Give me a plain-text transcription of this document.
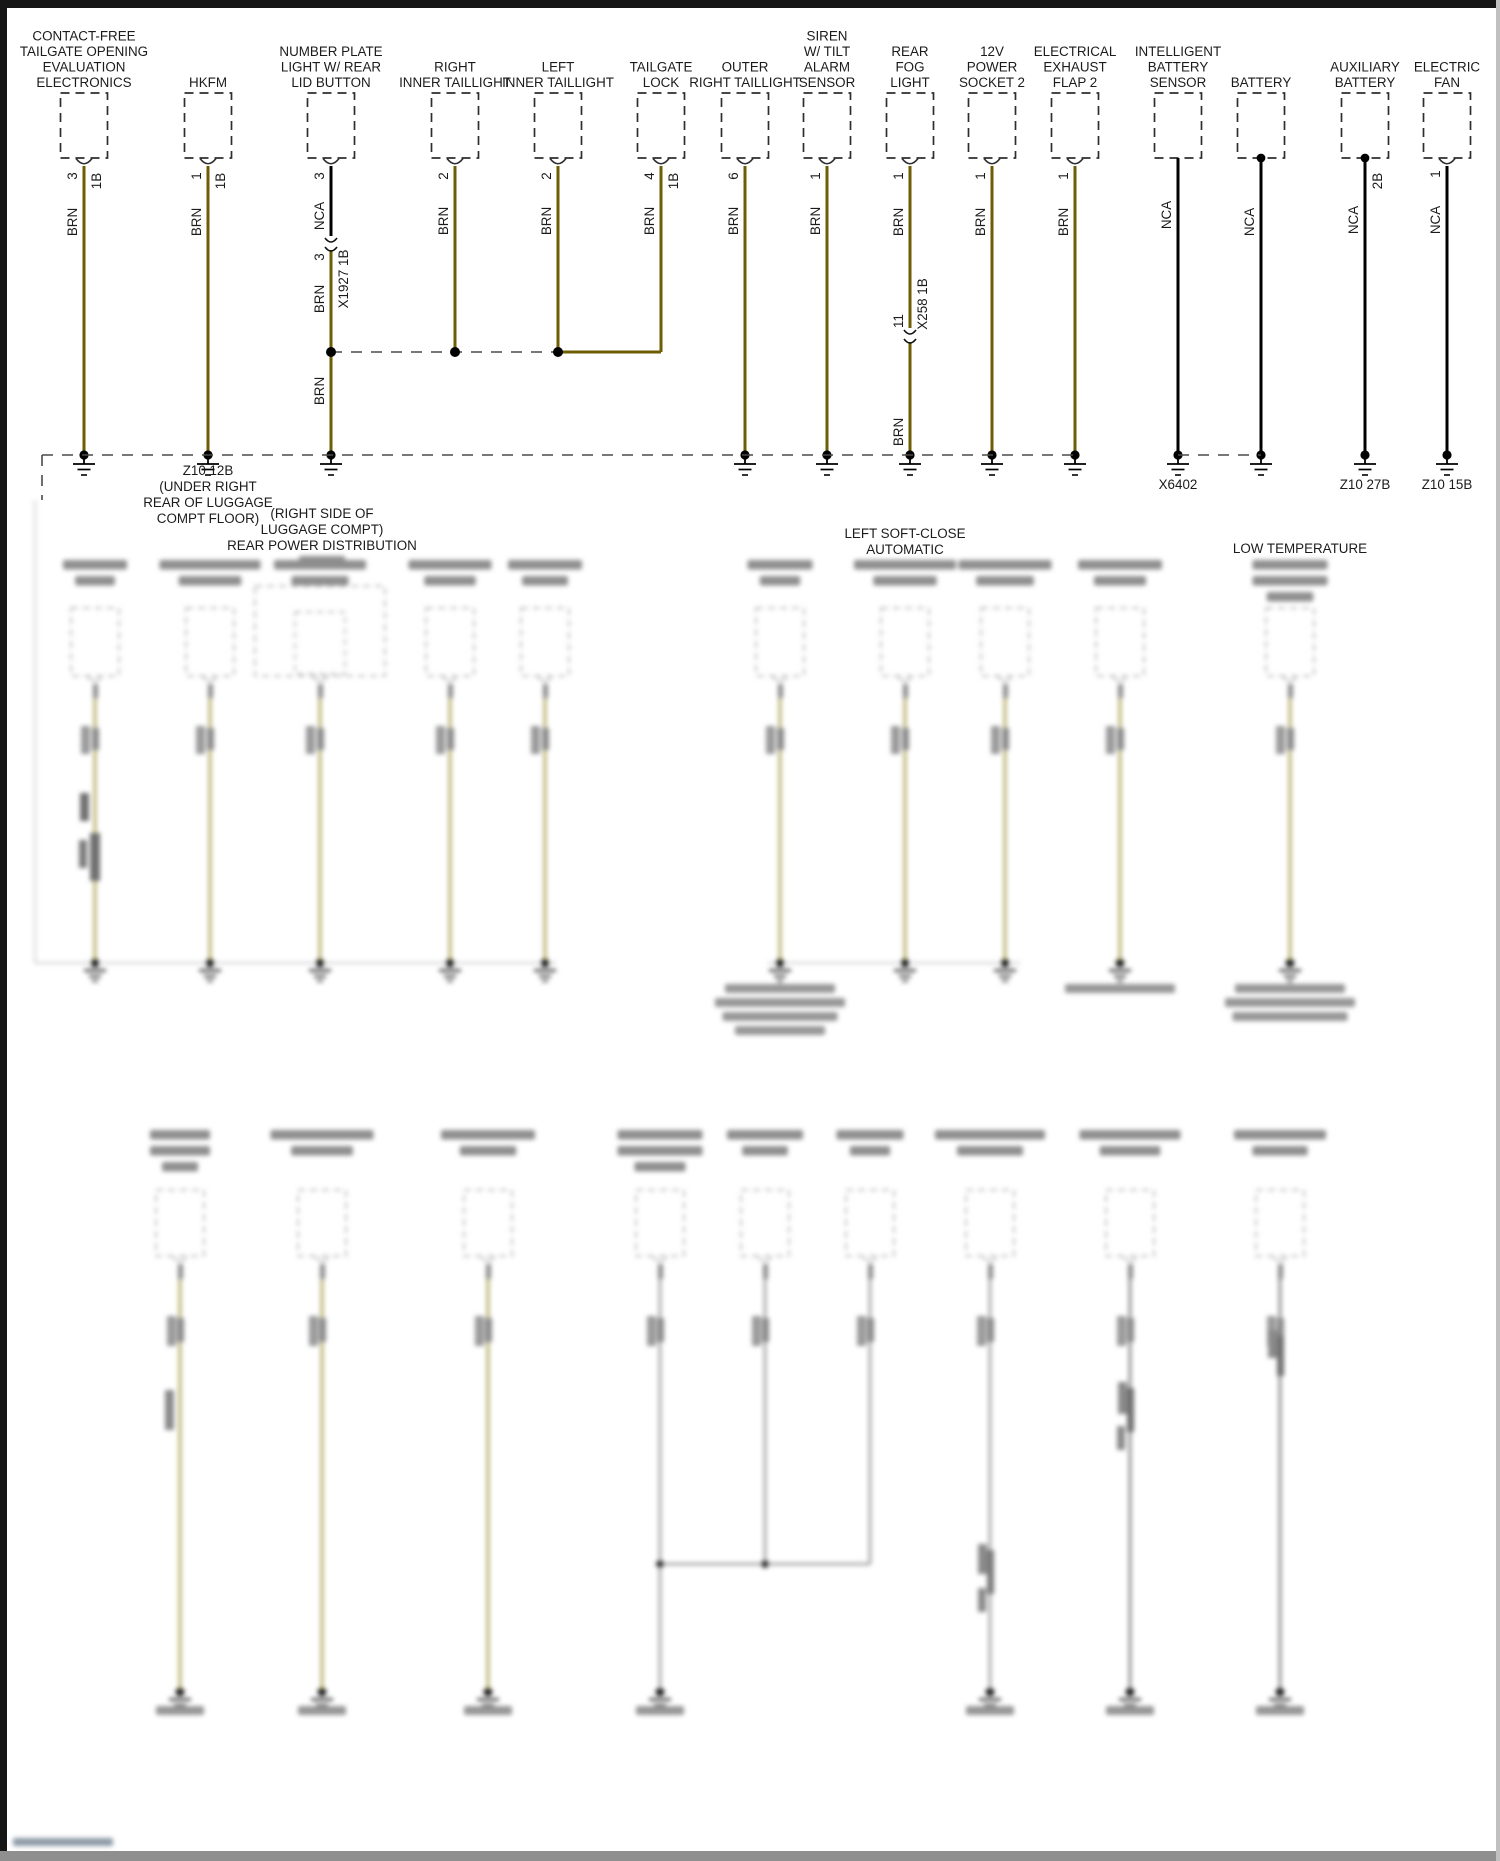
CONTACT-FREE
TAILGATE OPENING
EVALUATION
ELECTRONICS
3 1B
BRN
HKFM
1 1B
BRN
NUMBER PLATE
LIGHT W/ REAR
LID BUTTON
3
NCA
3
BRN X1927 1B
BRN
RIGHT
INNER TAILLIGHT
2
BRN
LEFT
INNER TAILLIGHT
2
BRN
TAILGATE
LOCK
4 1B
BRN
OUTER
RIGHT TAILLIGHT
6
BRN
SIREN
W/ TILT
ALARM
SENSOR
1
BRN
REAR
FOG
LIGHT
1
BRN
X258 1B
11
BRN
12V
POWER
SOCKET 2
1
BRN
ELECTRICAL
EXHAUST
FLAP 2
1
BRN
INTELLIGENT
BATTERY
SENSOR
NCA
X6402
BATTERY
NCA
AUXILIARY
BATTERY
2B
NCA
Z10 27B
ELECTRIC
FAN
1
NCA
Z10 15B
Z10 12B
(UNDER RIGHT
REAR OF LUGGAGE
COMPT FLOOR) (RIGHT SIDE OF
LUGGAGE COMPT)
REAR POWER DISTRIBUTION
LEFT SOFT-CLOSE
AUTOMATIC	LOW TEMPERATURE
